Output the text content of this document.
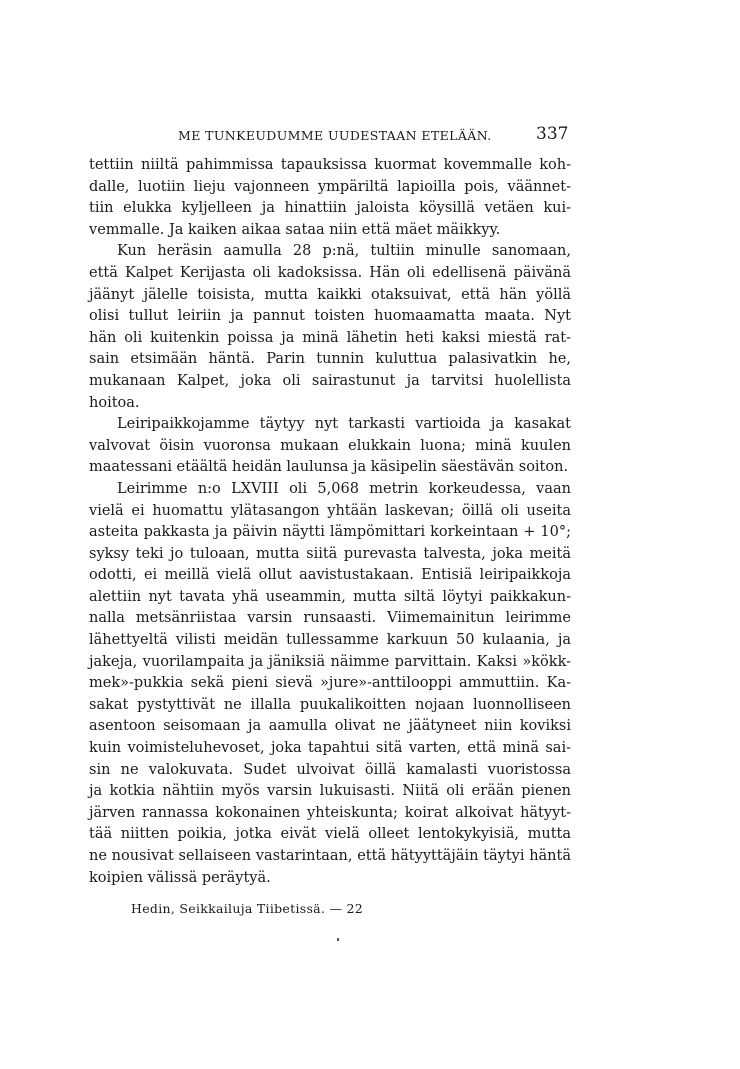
ME TUNKEUDUMME UUDESTAAN ETELÄÄN.	337
tettiin niiltä pahimmissa tapauksissa kuormat kovemmalle koh-
dalle, luotiin lieju vajonneen ympäriltä lapioilla pois, väännet-
tiin elukka kyljelleen ja hinattiin jaloista köysillä vetäen kui-
vemmalle. Ja kaiken aikaa sataa niin että mäet mäikkyy.
Kun heräsin aamulla 28 p:nä, tultiin minulle sanomaan,
että Kalpet Kerijasta oli kadoksissa. Hän oli edellisenä päivänä
jäänyt jälelle toisista, mutta kaikki otaksuivat, että hän yöllä
olisi tullut leiriin ja pannut toisten huomaamatta maata. Nyt
hän oli kuitenkin poissa ja minä lähetin heti kaksi miestä rat-
sain etsimään häntä. Parin tunnin kuluttua palasivatkin he,
mukanaan Kalpet, joka oli sairastunut ja tarvitsi huolellista
hoitoa.
Leiripaikkojamme täytyy nyt tarkasti vartioida ja kasakat
valvovat öisin vuoronsa mukaan elukkain luona; minä kuulen
maatessani etäältä heidän laulunsa ja käsipelin säestävän soiton.
Leirimme n:o LXVIII oli 5,068 metrin korkeudessa, vaan
vielä ei huomattu ylätasangon yhtään laskevan; öillä oli useita
asteita pakkasta ja päivin näytti lämpömittari korkeintaan + 10°;
syksy teki jo tuloaan, mutta siitä purevasta talvesta, joka meitä
odotti, ei meillä vielä ollut aavistustakaan. Entisiä leiripaikkoja
alettiin nyt tavata yhä useammin, mutta siltä löytyi paikkakun-
nalla metsänriistaa varsin runsaasti. Viimemainitun leirimme
lähettyeltä vilisti meidän tullessamme karkuun 50 kulaania, ja
jakeja, vuorilampaita ja jäniksiä näimme parvittain. Kaksi »kökk-
mek»-pukkia sekä pieni sievä »jure»-anttilooppi ammuttiin. Ka-
sakat pystyttivät ne illalla puukalikoitten nojaan luonnolliseen
asentoon seisomaan ja aamulla olivat ne jäätyneet niin koviksi
kuin voimisteluhevoset, joka tapahtui sitä varten, että minä sai-
sin ne valokuvata. Sudet ulvoivat öillä kamalasti vuoristossa
ja kotkia nähtiin myös varsin lukuisasti. Niitä oli erään pienen
järven rannassa kokonainen yhteiskunta; koirat alkoivat hätyyt-
tää niitten poikia, jotka eivät vielä olleet lentokykyisiä, mutta
ne nousivat sellaiseen vastarintaan, että hätyyttäjäin täytyi häntä
koipien välissä peräytyä.
Hedin, Seikkailuja Tiibetissä. — 22
